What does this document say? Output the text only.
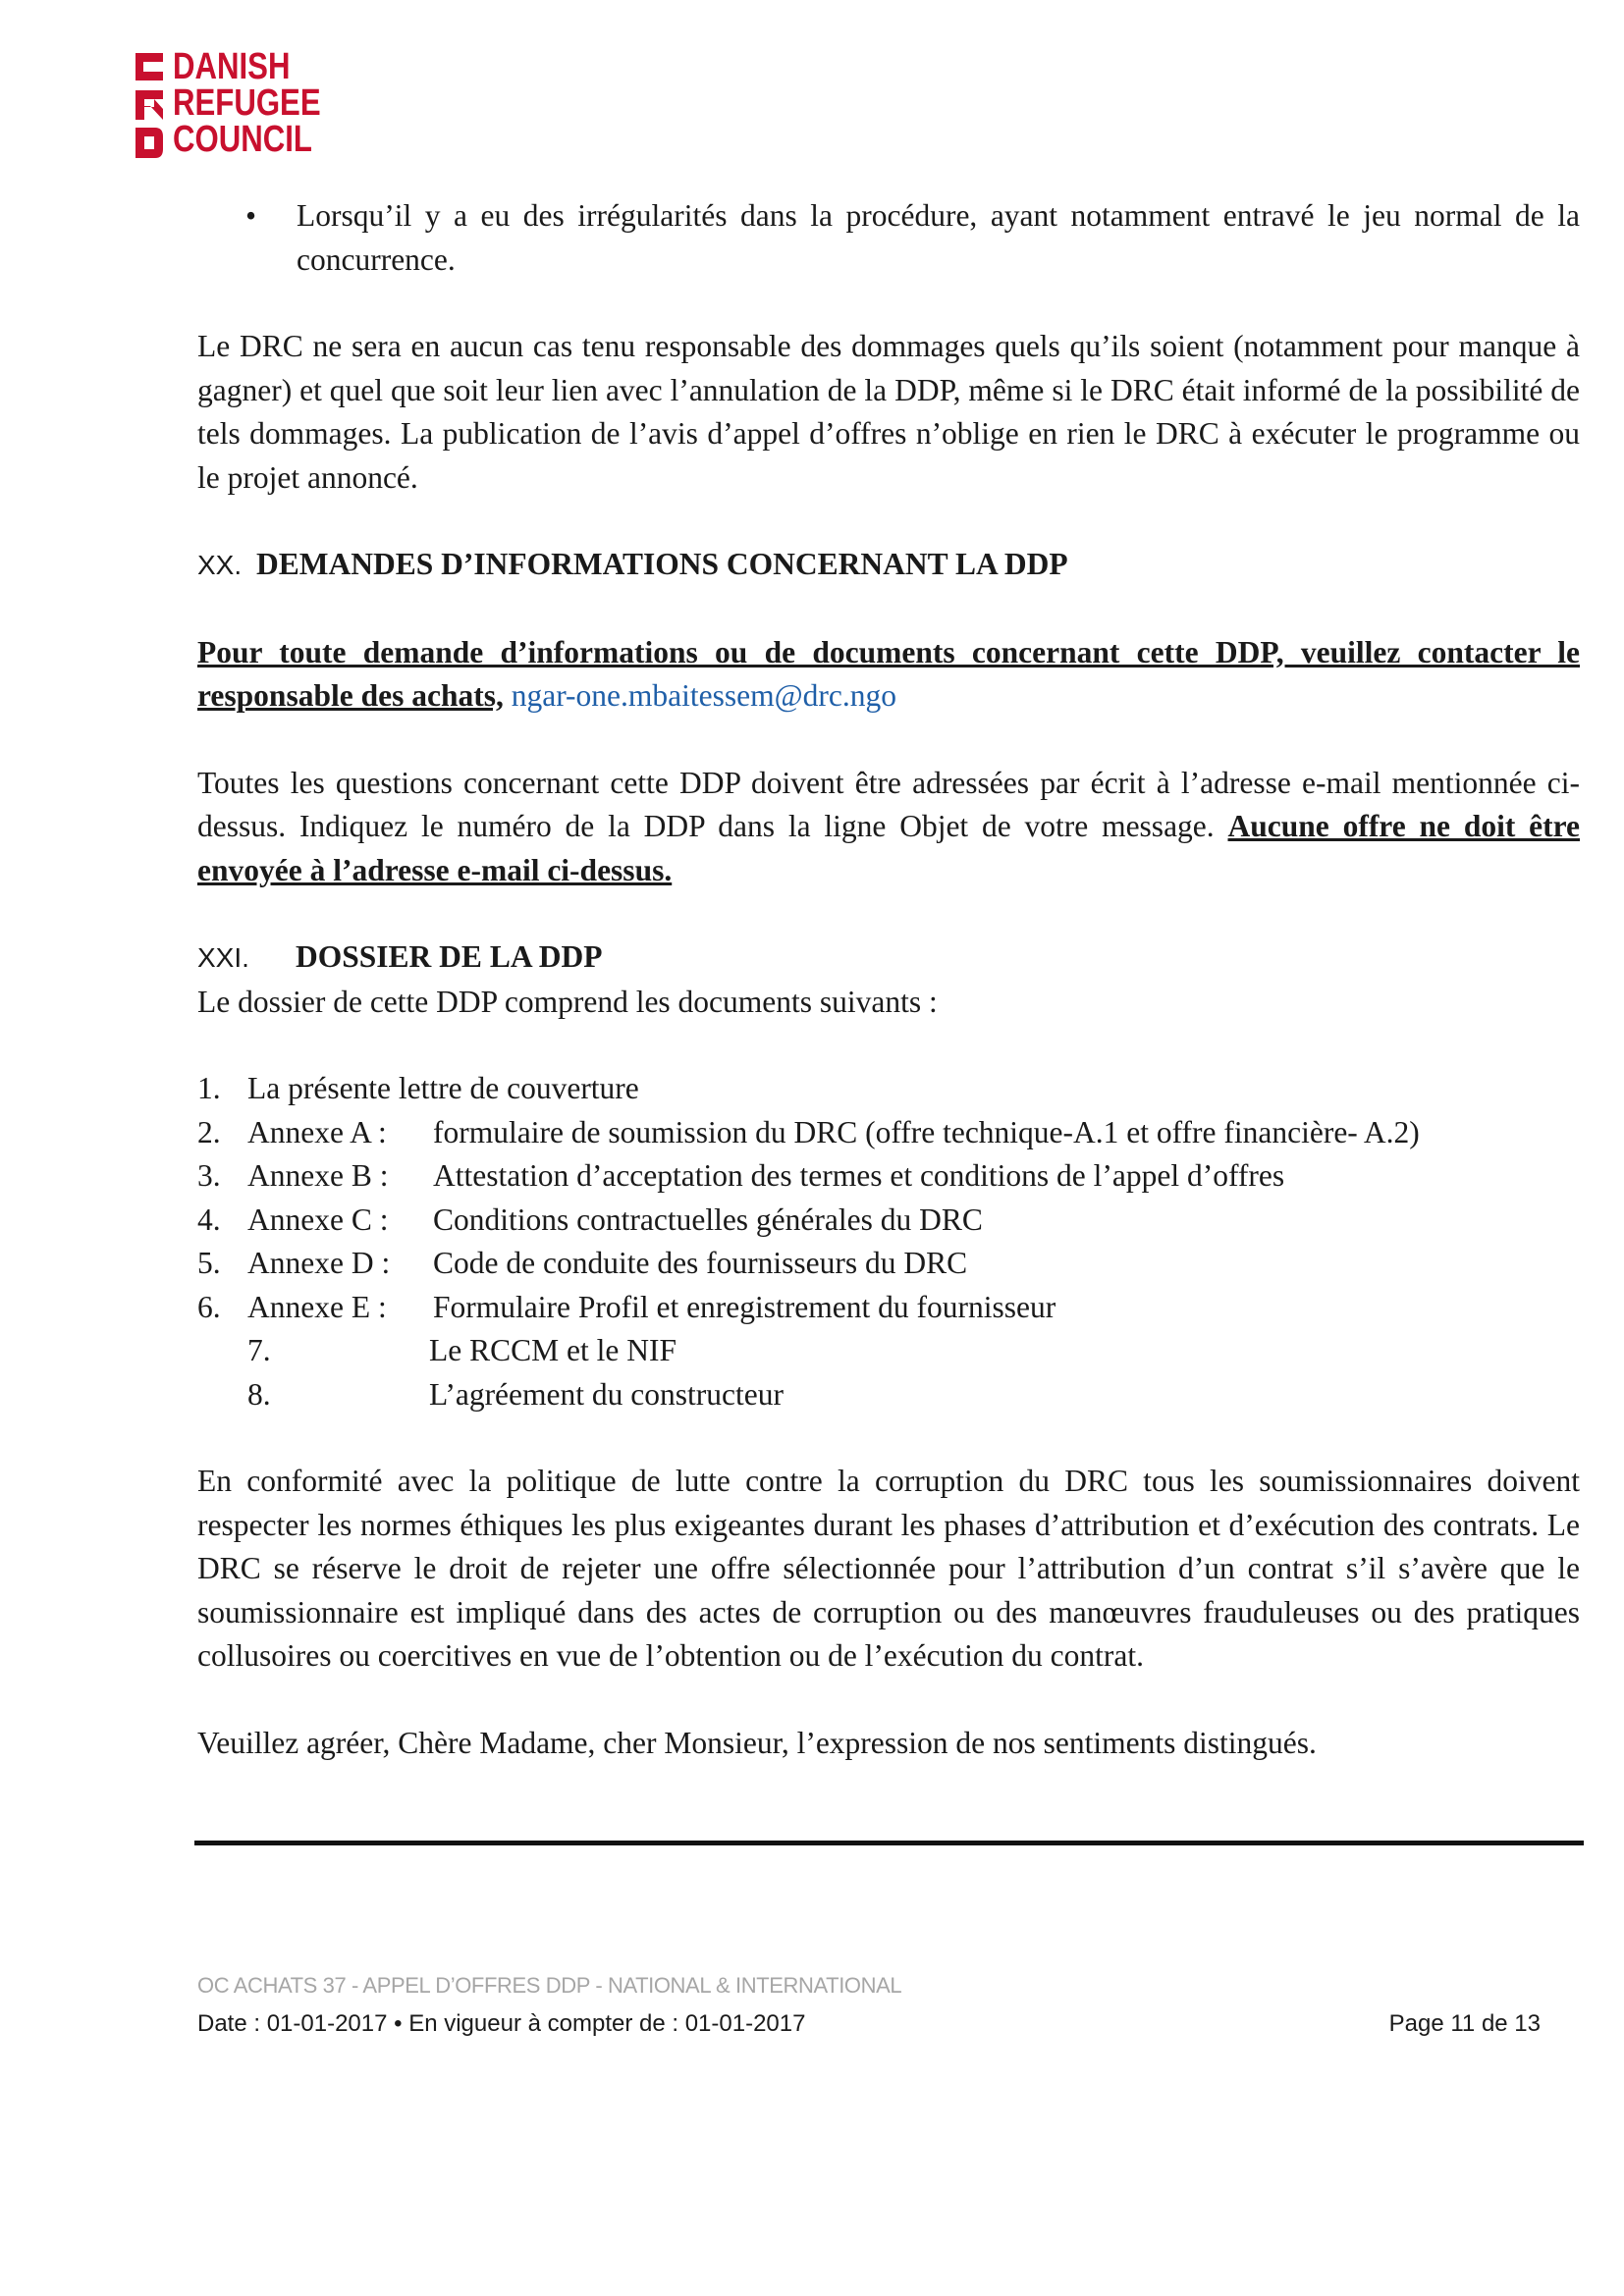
DANISH
REFUGEE
COUNCIL
• Lorsqu’il y a eu des irrégularités dans la procédure, ayant notamment entravé le jeu normal de la concurrence.

Le DRC ne sera en aucun cas tenu responsable des dommages quels qu’ils soient (notamment pour manque à gagner) et quel que soit leur lien avec l’annulation de la DDP, même si le DRC était informé de la possibilité de tels dommages. La publication de l’avis d’appel d’offres n’oblige en rien le DRC à exécuter le programme ou le projet annoncé.

XX. DEMANDES D’INFORMATIONS CONCERNANT LA DDP

Pour toute demande d’informations ou de documents concernant cette DDP, veuillez contacter le responsable des achats, ngar-one.mbaitessem@drc.ngo

Toutes les questions concernant cette DDP doivent être adressées par écrit à l’adresse e-mail mentionnée ci-dessus. Indiquez le numéro de la DDP dans la ligne Objet de votre message. Aucune offre ne doit être envoyée à l’adresse e-mail ci-dessus.

XXI.	DOSSIER DE LA DDP

Le dossier de cette DDP comprend les documents suivants :

1. La présente lettre de couverture
2. Annexe A :	formulaire de soumission du DRC (offre technique-A.1 et offre financière- A.2)
3. Annexe B :	Attestation d’acceptation des termes et conditions de l’appel d’offres
4. Annexe C :	Conditions contractuelles générales du DRC
5. Annexe D :	Code de conduite des fournisseurs du DRC
6. Annexe E :	Formulaire Profil et enregistrement du fournisseur
7.	Le RCCM et le NIF
8.	L’agréement du constructeur

En conformité avec la politique de lutte contre la corruption du DRC tous les soumissionnaires doivent respecter les normes éthiques les plus exigeantes durant les phases d’attribution et d’exécution des contrats. Le DRC se réserve le droit de rejeter une offre sélectionnée pour l’attribution d’un contrat s’il s’avère que le soumissionnaire est impliqué dans des actes de corruption ou des manœuvres frauduleuses ou des pratiques collusoires ou coercitives en vue de l’obtention ou de l’exécution du contrat.

Veuillez agréer, Chère Madame, cher Monsieur, l’expression de nos sentiments distingués.

OC ACHATS 37 - APPEL D’OFFRES DDP - NATIONAL & INTERNATIONAL
Date : 01-01-2017 • En vigueur à compter de : 01-01-2017	Page 11 de 13
